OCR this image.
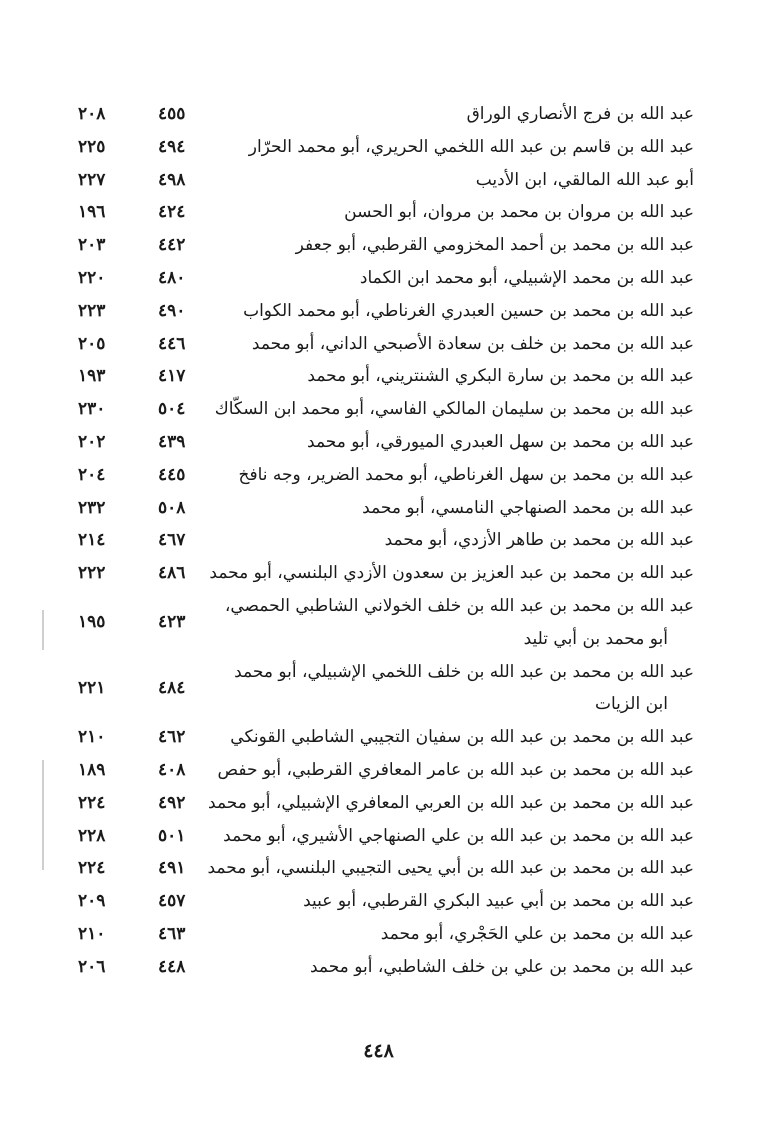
عبد الله بن فرج الأنصاري الوراق
٤٥٥
٢٠٨
عبد الله بن قاسم بن عبد الله اللخمي الحريري، أبو محمد الحرّار
٤٩٤
٢٢٥
أبو عبد الله المالقي، ابن الأديب
٤٩٨
٢٢٧
عبد الله بن مروان بن محمد بن مروان، أبو الحسن
٤٢٤
١٩٦
عبد الله بن محمد بن أحمد المخزومي القرطبي، أبو جعفر
٤٤٢
٢٠٣
عبد الله بن محمد الإشبيلي، أبو محمد ابن الكماد
٤٨٠
٢٢٠
عبد الله بن محمد بن حسين العبدري الغرناطي، أبو محمد الكواب
٤٩٠
٢٢٣
عبد الله بن محمد بن خلف بن سعادة الأصبحي الداني، أبو محمد
٤٤٦
٢٠٥
عبد الله بن محمد بن سارة البكري الشنتريني، أبو محمد
٤١٧
١٩٣
عبد الله بن محمد بن سليمان المالكي الفاسي، أبو محمد ابن السكّاك
٥٠٤
٢٣٠
عبد الله بن محمد بن سهل العبدري الميورقي، أبو محمد
٤٣٩
٢٠٢
عبد الله بن محمد بن سهل الغرناطي، أبو محمد الضرير، وجه نافخ
٤٤٥
٢٠٤
عبد الله بن محمد الصنهاجي النامسي، أبو محمد
٥٠٨
٢٣٢
عبد الله بن محمد بن طاهر الأزدي، أبو محمد
٤٦٧
٢١٤
عبد الله بن محمد بن عبد العزيز بن سعدون الأزدي البلنسي، أبو محمد
٤٨٦
٢٢٢
عبد الله بن محمد بن عبد الله بن خلف الخولاني الشاطبي الحمصي،
أبو محمد بن أبي تليد
٤٢٣
١٩٥
عبد الله بن محمد بن عبد الله بن خلف اللخمي الإشبيلي، أبو محمد
ابن الزيات
٤٨٤
٢٢١
عبد الله بن محمد بن عبد الله بن سفيان التجيبي الشاطبي القونكي
٤٦٢
٢١٠
عبد الله بن محمد بن عبد الله بن عامر المعافري القرطبي، أبو حفص
٤٠٨
١٨٩
عبد الله بن محمد بن عبد الله بن العربي المعافري الإشبيلي، أبو محمد
٤٩٢
٢٢٤
عبد الله بن محمد بن عبد الله بن علي الصنهاجي الأشيري، أبو محمد
٥٠١
٢٢٨
عبد الله بن محمد بن عبد الله بن أبي يحيى التجيبي البلنسي، أبو محمد
٤٩١
٢٢٤
عبد الله بن محمد بن أبي عبيد البكري القرطبي، أبو عبيد
٤٥٧
٢٠٩
عبد الله بن محمد بن علي الحَجْري، أبو محمد
٤٦٣
٢١٠
عبد الله بن محمد بن علي بن خلف الشاطبي، أبو محمد
٤٤٨
٢٠٦
٤٤٨
